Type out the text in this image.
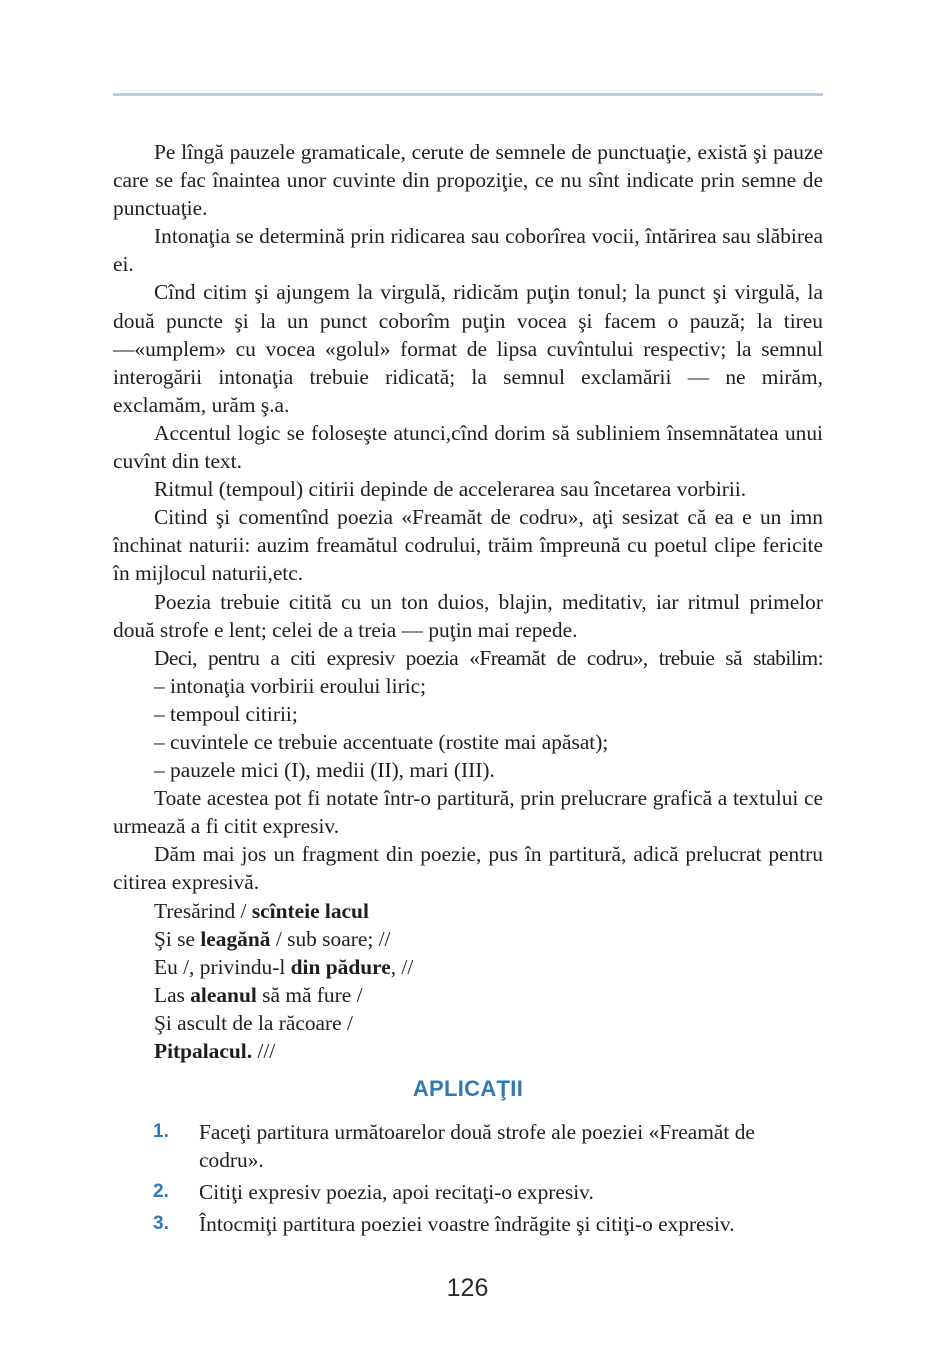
Pe lîngă pauzele gramaticale, cerute de semnele de punctuaţie, există şi pauze care se fac înaintea unor cuvinte din propoziţie, ce nu sînt indicate prin semne de punctuaţie.

Intonaţia se determină prin ridicarea sau coborîrea vocii, întărirea sau slăbirea ei.

Cînd citim şi ajungem la virgulă, ridicăm puţin tonul; la punct şi virgulă, la două puncte şi la un punct coborîm puţin vocea şi facem o pauză; la tireu —«umplem» cu vocea «golul» format de lipsa cuvîntului respectiv; la semnul interogării intonaţia trebuie ridicată; la semnul exclamării — ne mirăm, exclamăm, urăm ş.a.

Accentul logic se foloseşte atunci,cînd dorim să subliniem însemnătatea unui cuvînt din text.

Ritmul (tempoul) citirii depinde de accelerarea sau încetarea vorbirii.

Citind şi comentînd poezia «Freamăt de codru», aţi sesizat că ea e un imn închinat naturii: auzim freamătul codrului, trăim împreună cu poetul clipe fericite în mijlocul naturii,etc.

Poezia trebuie citită cu un ton duios, blajin, meditativ, iar ritmul primelor două strofe e lent; celei de a treia — puţin mai repede.

Deci, pentru a citi expresiv poezia «Freamăt de codru», trebuie să stabilim:

– intonaţia vorbirii eroului liric;

– tempoul citirii;

– cuvintele ce trebuie accentuate (rostite mai apăsat);

– pauzele mici (I), medii (II), mari (III).

Toate acestea pot fi notate într-o partitură, prin prelucrare grafică a textului ce urmează a fi citit expresiv.

Dăm mai jos un fragment din poezie, pus în partitură, adică prelucrat pentru citirea expresivă.

Tresărind / scînteie lacul

Şi se leagănă / sub soare; //

Eu /, privindu-l din pădure, //

Las aleanul să mă fure /

Şi ascult de la răcoare /

Pitpalacul. ///

APLICAŢII
1.	Faceţi partitura următoarelor două strofe ale poeziei «Freamăt de codru».
2.	Citiţi expresiv poezia, apoi recitaţi-o expresiv.
3.	Întocmiţi partitura poeziei voastre îndrăgite şi citiţi-o expresiv.
126
